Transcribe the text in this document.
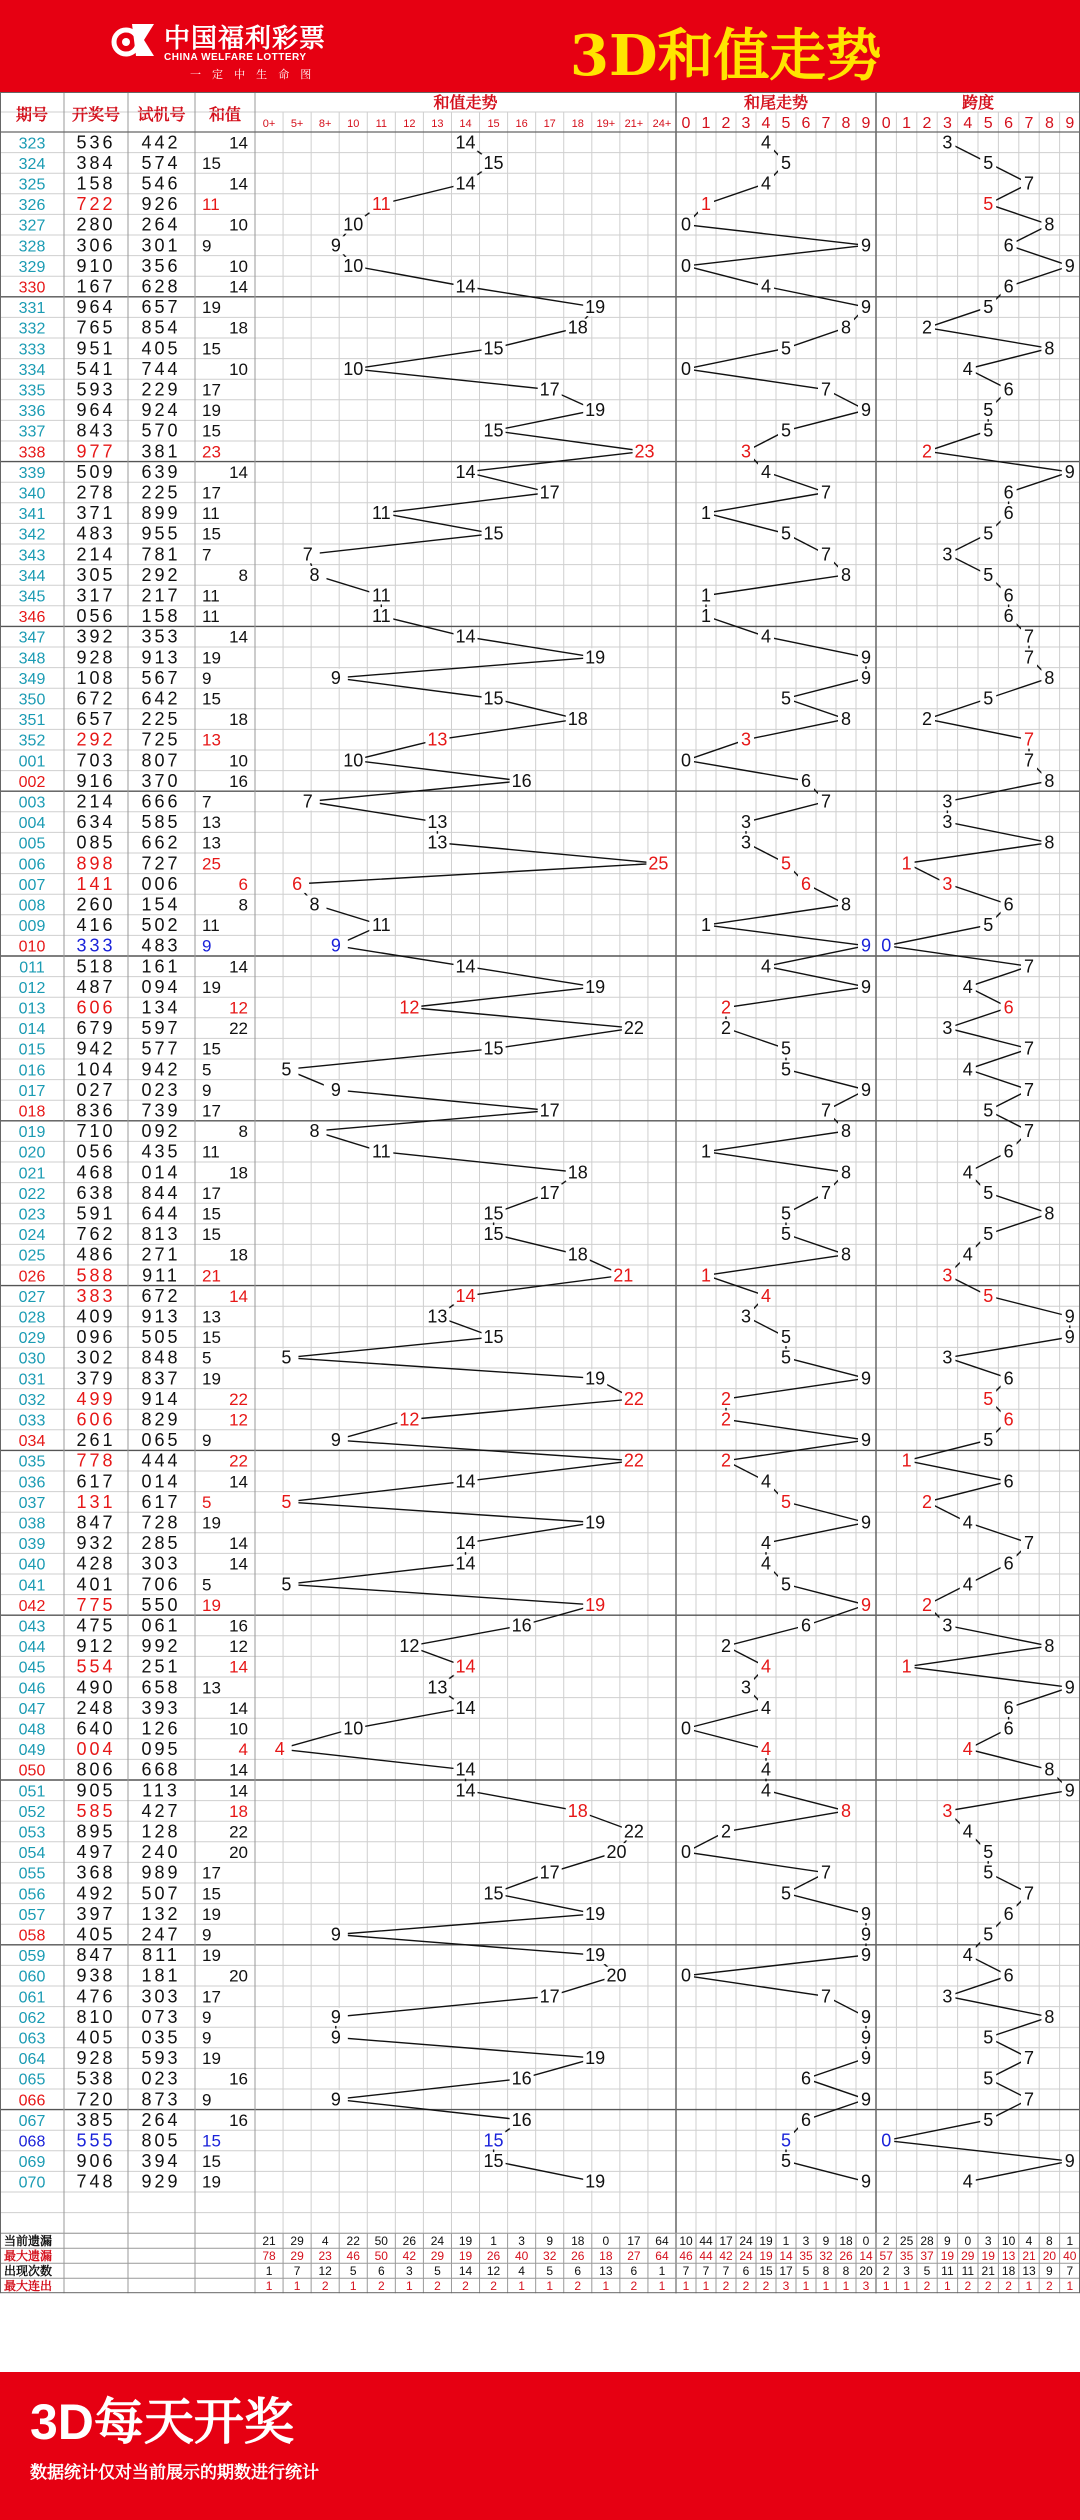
中国福利彩票
CHINA WELFARE LOTTERY
一 定 中 生 命 图	3D和值走势
期号 开奖号 试机号 和值
和值走势	和尾走势	跨度
0+ 5+ 8+ 10 11 12 13 14 15 16 17 18 19+ 21+ 24+ 0 1 2 3 4 5 6 7 8 9 0 1 2 3 4 5 6 7 8 9
323 536 442	14	14	4	3
324 384 574 15	15	5	5
325 158 546	14	14	4	7
326 722 926 11	11	1	5
327 280 264	10	10	0	8
328 306 301 9	9	9	6
329 910 356	10	10	0	9
330 167 628	14	14	4	6
331 964 657 19	19	9	5
332 765 854	18	18	8	2
333 951 405 15	15	5	8
334 541 744	10	10	0	4
335 593 229 17	17	7	6
336 964 924 19	19	9	5
337 843 570 15	15	5	5
338 977 381 23	23	3	2
339 509 639	14	14	4	9
340 278 225 17	17	7	6
341 371 899 11	11	1	6
342 483 955 15	15	5	5
343 214 781 7	7	7	3
344 305 292	8	8	8	5
345 317 217 11	11	1	6
346 056 158 11	11	1	6
347 392 353	14	14	4	7
348 928 913 19	19	9	7
349 108 567 9	9	9	8
350 672 642 15	15	5	5
351 657 225	18	18	8	2
352 292 725 13	13	3	7
001 703 807	10	10	0	7
002 916 370	16	16	6	8
003 214 666 7	7	7	3
004 634 585 13	13	3	3
005 085 662 13	13	3	8
006 898 727 25	25	5	1
007 141 006	6 6	6	3
008 260 154	8	8	8	6
009 416 502 11	11	1	5
010 333 483 9	9	9 0
011 518 161	14	14	4	7
012 487 094 19	19	9	4
013 606 134	12	12	2	6
014 679 597	22	22	2	3
015 942 577 15	15	5	7
016 104 942 5	5	5	4
017 027 023 9	9	9	7
018 836 739 17	17	7	5
019 710 092	8	8	8	7
020 056 435 11	11	1	6
021 468 014	18	18	8	4
022 638 844 17	17	7	5
023 591 644 15	15	5	8
024 762 813 15	15	5	5
025 486 271	18	18	8	4
026 588 911 21	21	1	3
027 383 672	14	14	4	5
028 409 913 13	13	3	9
029 096 505 15	15	5	9
030 302 848 5	5	5	3
031 379 837 19	19	9	6
032 499 914	22	22	2	5
033 606 829	12	12	2	6
034 261 065 9	9	9	5
035 778 444	22	22	2	1
036 617 014	14	14	4	6
037 131 617 5	5	5	2
038 847 728 19	19	9	4
039 932 285	14	14	4	7
040 428 303	14	14	4	6
041 401 706 5	5	5	4
042 775 550 19	19	9	2
043 475 061	16	16	6	3
044 912 992	12	12	2	8
045 554 251	14	14	4	1
046 490 658 13	13	3	9
047 248 393	14	14	4	6
048 640 126	10	10	0	6
049 004 095	4 4	4	4
050 806 668	14	14	4	8
051 905 113	14	14	4	9
052 585 427	18	18	8	3
053 895 128	22	22	2	4
054 497 240	20	20	0	5
055 368 989 17	17	7	5
056 492 507 15	15	5	7
057 397 132 19	19	9	6
058 405 247 9	9	9	5
059 847 811 19	19	9	4
060 938 181	20	20	0	6
061 476 303 17	17	7	3
062 810 073 9	9	9	8
063 405 035 9	9	9	5
064 928 593 19	19	9	7
065 538 023	16	16	6	5
066 720 873 9	9	9	7
067 385 264	16	16	6	5
068 555 805 15	15	5	0
069 906 394 15	15	5	9
070 748 929 19	19	9	4
当前遗漏	21 29 4 22 50 26 24 19 1 3 9 18 0 17 64 10 44 17 24 19 1 3 9 18 0 2 25 28 9 0 3 10 4 8 1
最大遗漏	78 29 23 46 50 42 29 19 26 40 32 26 18 27 64 46 44 42 24 19 14 35 32 26 14 57 35 37 19 29 19 13 21 20 40
出现次数	1 7 12 5 6 3 5 14 12 4 5 6 13 6 1 7 7 7 6 15 17 5 8 8 20 2 3 5 11 11 21 18 13 9 7
最大连出	1 1 2 1 2 1 2 2 2 1 1 2 1 2 1 1 1 2 2 2 3 1 1 1 3 1 1 2 1 2 2 2 1 2 1
3D每天开奖
数据统计仅对当前展示的期数进行统计
